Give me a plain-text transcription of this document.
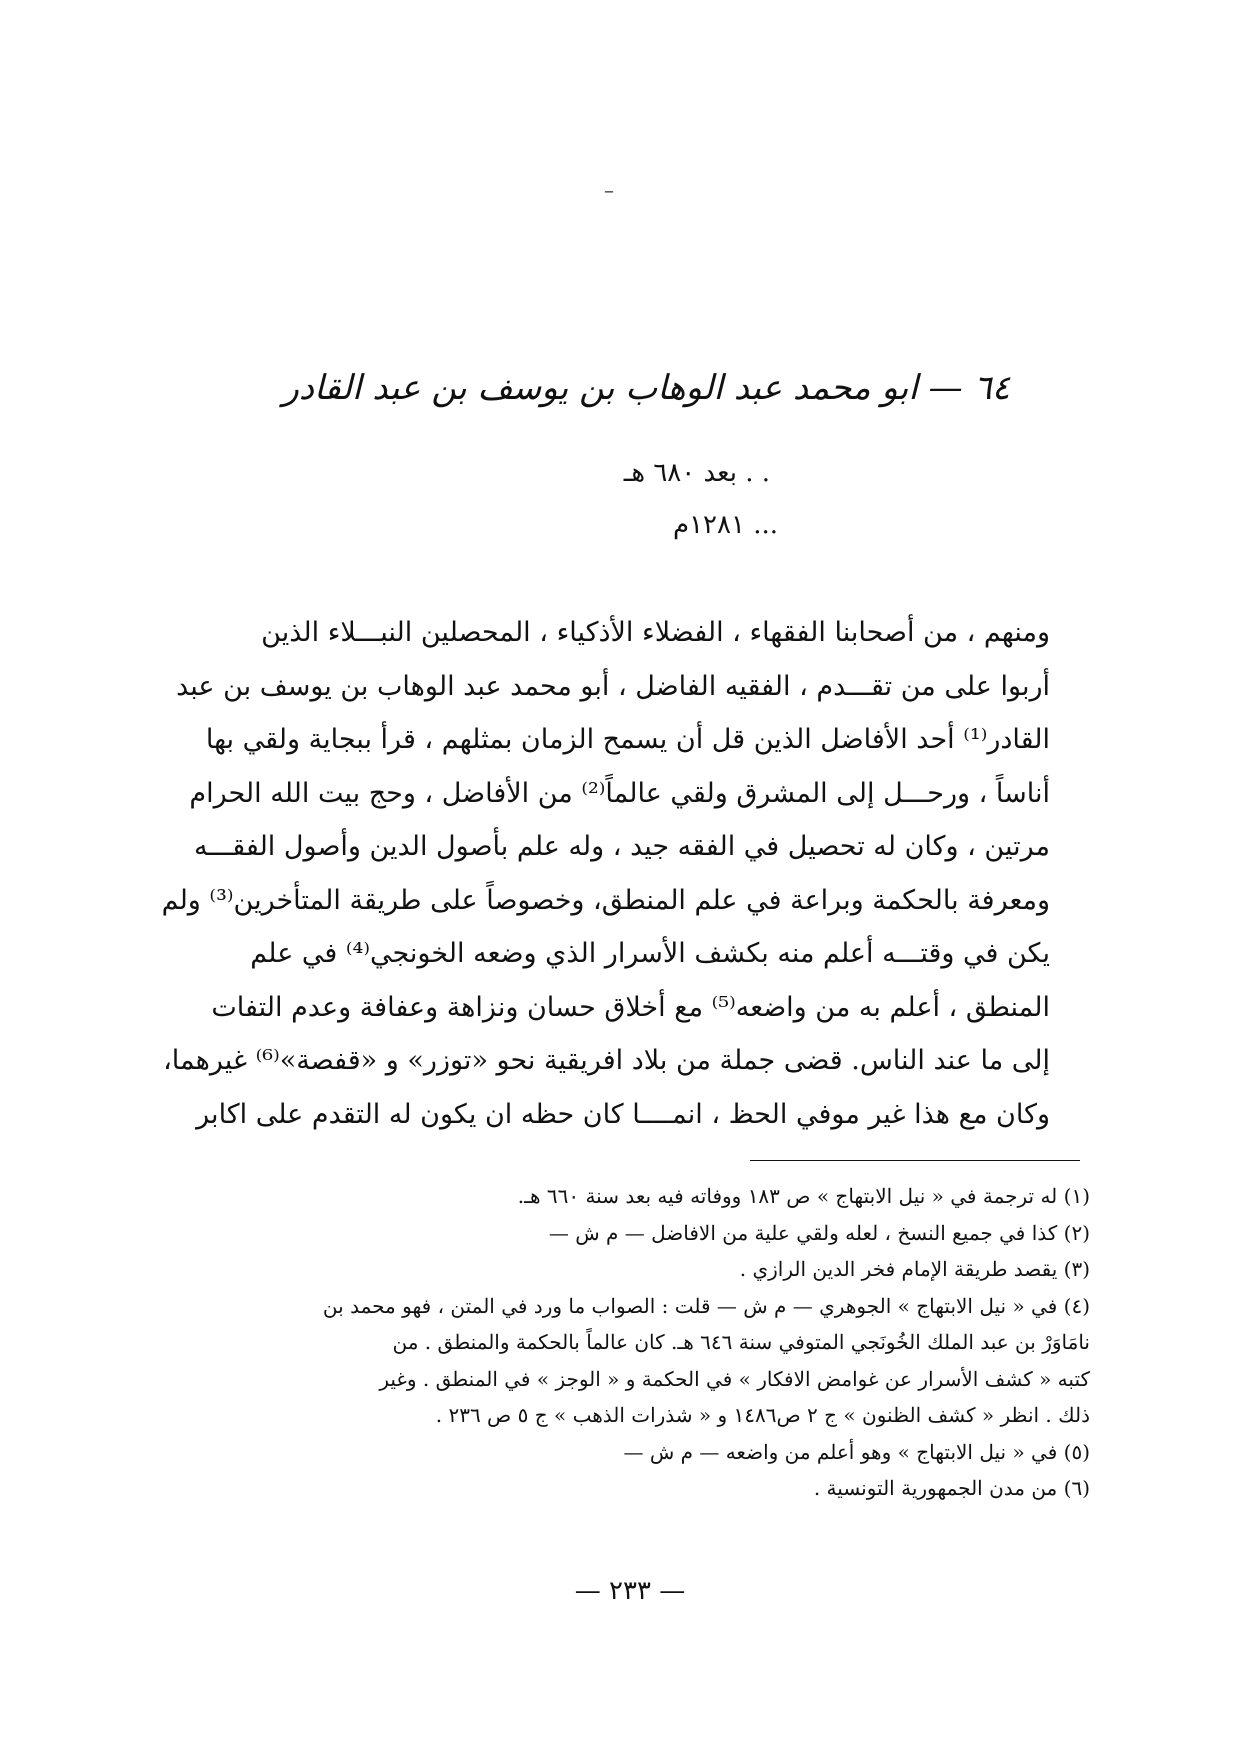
–
٦٤ — ابو محمد عبد الوهاب بن يوسف بن عبد القادر
. . بعد ٦٨٠ هـ
... ١٢٨١م
ومنهم ، من أصحابنا الفقهاء ، الفضلاء الأذكياء ، المحصلين النبـــلاء الذين
أربوا على من تقـــدم ، الفقيه الفاضل ، أبو محمد عبد الوهاب بن يوسف بن عبد
القادر⁽¹⁾ أحد الأفاضل الذين قل أن يسمح الزمان بمثلهم ، قرأ ببجاية ولقي بها
أناساً ، ورحـــل إلى المشرق ولقي عالماً⁽²⁾ من الأفاضل ، وحج بيت الله الحرام
مرتين ، وكان له تحصيل في الفقه جيد ، وله علم بأصول الدين وأصول الفقـــه
ومعرفة بالحكمة وبراعة في علم المنطق، وخصوصاً على طريقة المتأخرين⁽³⁾ ولم
يكن في وقتـــه أعلم منه بكشف الأسرار الذي وضعه الخونجي⁽⁴⁾ في علم
المنطق ، أعلم به من واضعه⁽⁵⁾ مع أخلاق حسان ونزاهة وعفافة وعدم التفات
إلى ما عند الناس. قضى جملة من بلاد افريقية نحو «توزر» و «قفصة»⁽⁶⁾ غيرهما،
وكان مع هذا غير موفي الحظ ، انمــــا كان حظه ان يكون له التقدم على اكابر
(١) له ترجمة في « نيل الابتهاج » ص ١٨٣ ووفاته فيه بعد سنة ٦٦٠ هـ.
(٢) كذا في جميع النسخ ، لعله ولقي علية من الافاضل — م ش —
(٣) يقصد طريقة الإمام فخر الدين الرازي .
(٤) في « نيل الابتهاج » الجوهري — م ش — قلت : الصواب ما ورد في المتن ، فهو محمد بن
نامَاوَرْ بن عبد الملك الخُونَجي المتوفي سنة ٦٤٦ هـ. كان عالماً بالحكمة والمنطق . من
كتبه « كشف الأسرار عن غوامض الافكار » في الحكمة و « الوجز » في المنطق . وغير
ذلك . انظر « كشف الظنون » ج ٢ ص١٤٨٦ و « شذرات الذهب » ج ٥ ص ٢٣٦ .
(٥) في « نيل الابتهاج » وهو أعلم من واضعه — م ش —
(٦) من مدن الجمهورية التونسية .
— ٢٣٣ —
